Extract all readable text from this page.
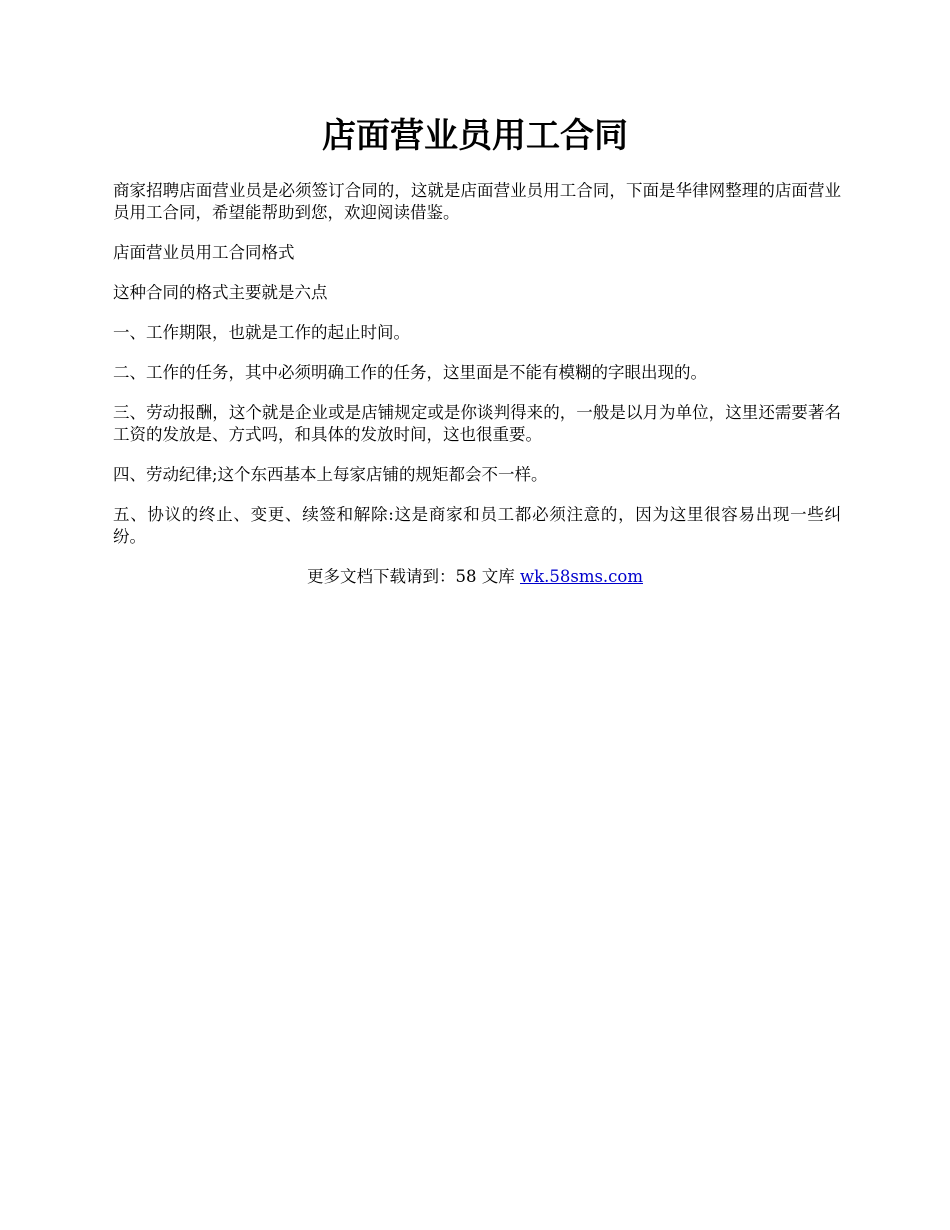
店面营业员用工合同

商家招聘店面营业员是必须签订合同的，这就是店面营业员用工合同，下面是华律网整理的店面营业员用工合同，希望能帮助到您，欢迎阅读借鉴。

店面营业员用工合同格式

这种合同的格式主要就是六点

一、工作期限，也就是工作的起止时间。

二、工作的任务，其中必须明确工作的任务，这里面是不能有模糊的字眼出现的。

三、劳动报酬，这个就是企业或是店铺规定或是你谈判得来的，一般是以月为单位，这里还需要著名工资的发放是、方式吗，和具体的发放时间，这也很重要。

四、劳动纪律;这个东西基本上每家店铺的规矩都会不一样。

五、协议的终止、变更、续签和解除:这是商家和员工都必须注意的，因为这里很容易出现一些纠纷。

更多文档下载请到：58 文库 wk.58sms.com
